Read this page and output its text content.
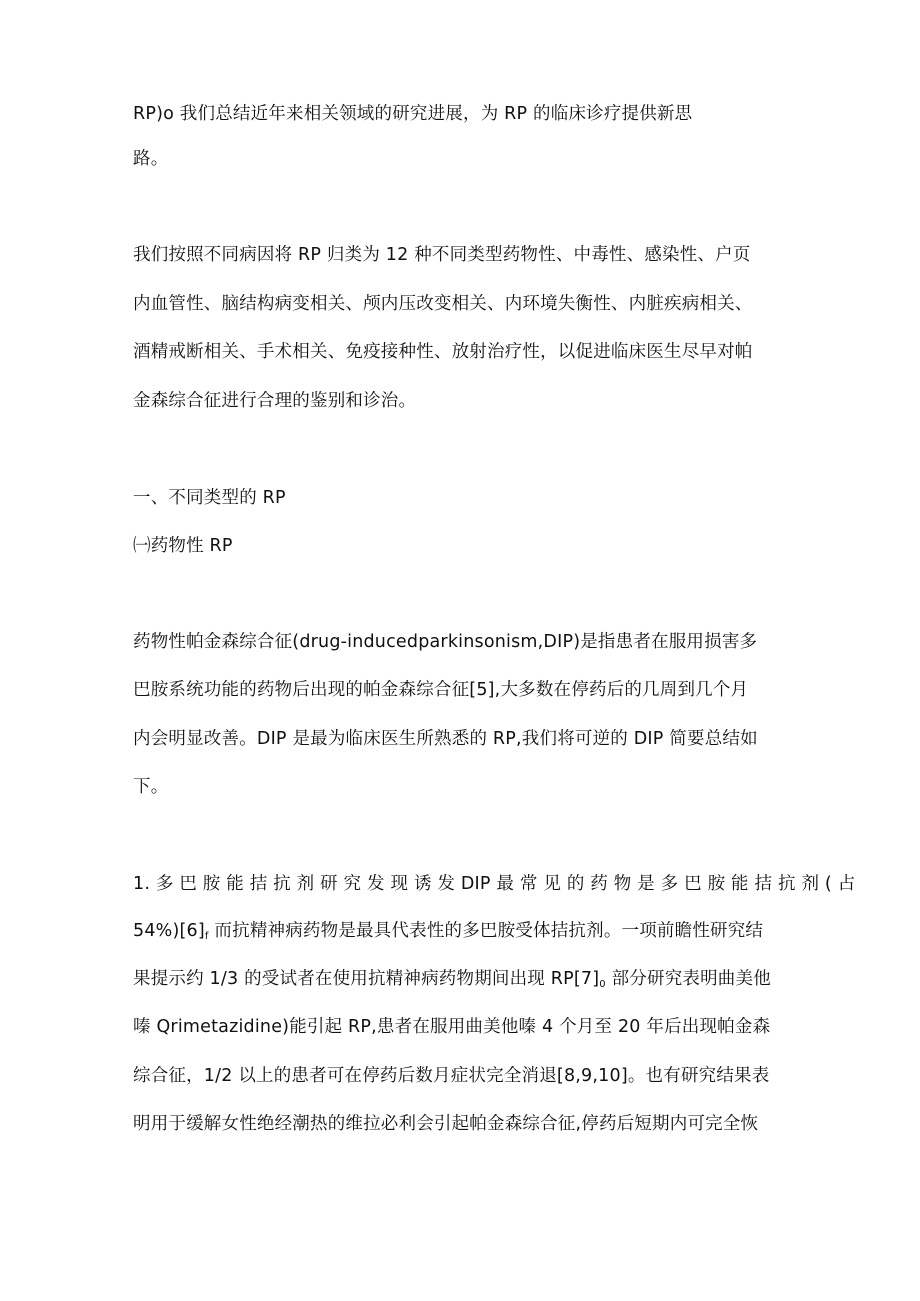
RP)o 我们总结近年来相关领域的研究进展，为 RP 的临床诊疗提供新思
路。
我们按照不同病因将 RP 归类为 12 种不同类型药物性、中毒性、感染性、户页
内血管性、脑结构病变相关、颅内压改变相关、内环境失衡性、内脏疾病相关、
酒精戒断相关、手术相关、免疫接种性、放射治疗性，以促进临床医生尽早对帕
金森综合征进行合理的鉴别和诊治。
一、不同类型的 RP
㈠药物性 RP
药物性帕金森综合征(drug-inducedparkinsonism,DIP)是指患者在服用损害多
巴胺系统功能的药物后出现的帕金森综合征[5],大多数在停药后的几周到几个月
内会明显改善。DIP 是最为临床医生所熟悉的 RP,我们将可逆的 DIP 简要总结如
下。
1. 多 巴 胺 能 拮 抗 剂 研 究 发 现 诱 发 DIP 最 常 见 的 药 物 是 多 巴 胺 能 拮 抗 剂 ( 占
$54\%)[6]_f$ 而抗精神病药物是最具代表性的多巴胺受体拮抗剂。一项前瞻性研究结
果提示约 1/3 的受试者在使用抗精神病药物期间出现 $RP[7]_0$ 部分研究表明曲美他
嗪 Qrimetazidine)能引起 RP,患者在服用曲美他嗪 4 个月至 20 年后出现帕金森
综合征，1/2 以上的患者可在停药后数月症状完全消退[8,9,10]。也有研究结果表
明用于缓解女性绝经潮热的维拉必利会引起帕金森综合征,停药后短期内可完全恢
